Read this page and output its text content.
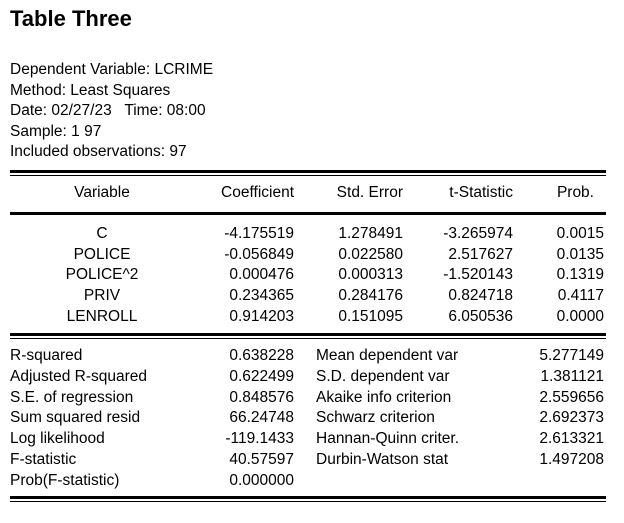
Table Three
Dependent Variable: LCRIME
Method: Least Squares
Date: 02/27/23   Time: 08:00
Sample: 1 97
Included observations: 97
Variable	Coefficient	Std. Error	t-Statistic	Prob.
C	-4.175519	1.278491	-3.265974	0.0015
POLICE	-0.056849	0.022580	2.517627	0.0135
POLICE^2	0.000476	0.000313	-1.520143	0.1319
PRIV	0.234365	0.284176	0.824718	0.4117
LENROLL	0.914203	0.151095	6.050536	0.0000
R-squared	0.638228 Mean dependent var	5.277149
Adjusted R-squared	0.622499 S.D. dependent var	1.381121
S.E. of regression	0.848576 Akaike info criterion	2.559656
Sum squared resid	66.24748 Schwarz criterion	2.692373
Log likelihood	-119.1433 Hannan-Quinn criter.	2.613321
F-statistic	40.57597 Durbin-Watson stat	1.497208
Prob(F-statistic)	0.000000
